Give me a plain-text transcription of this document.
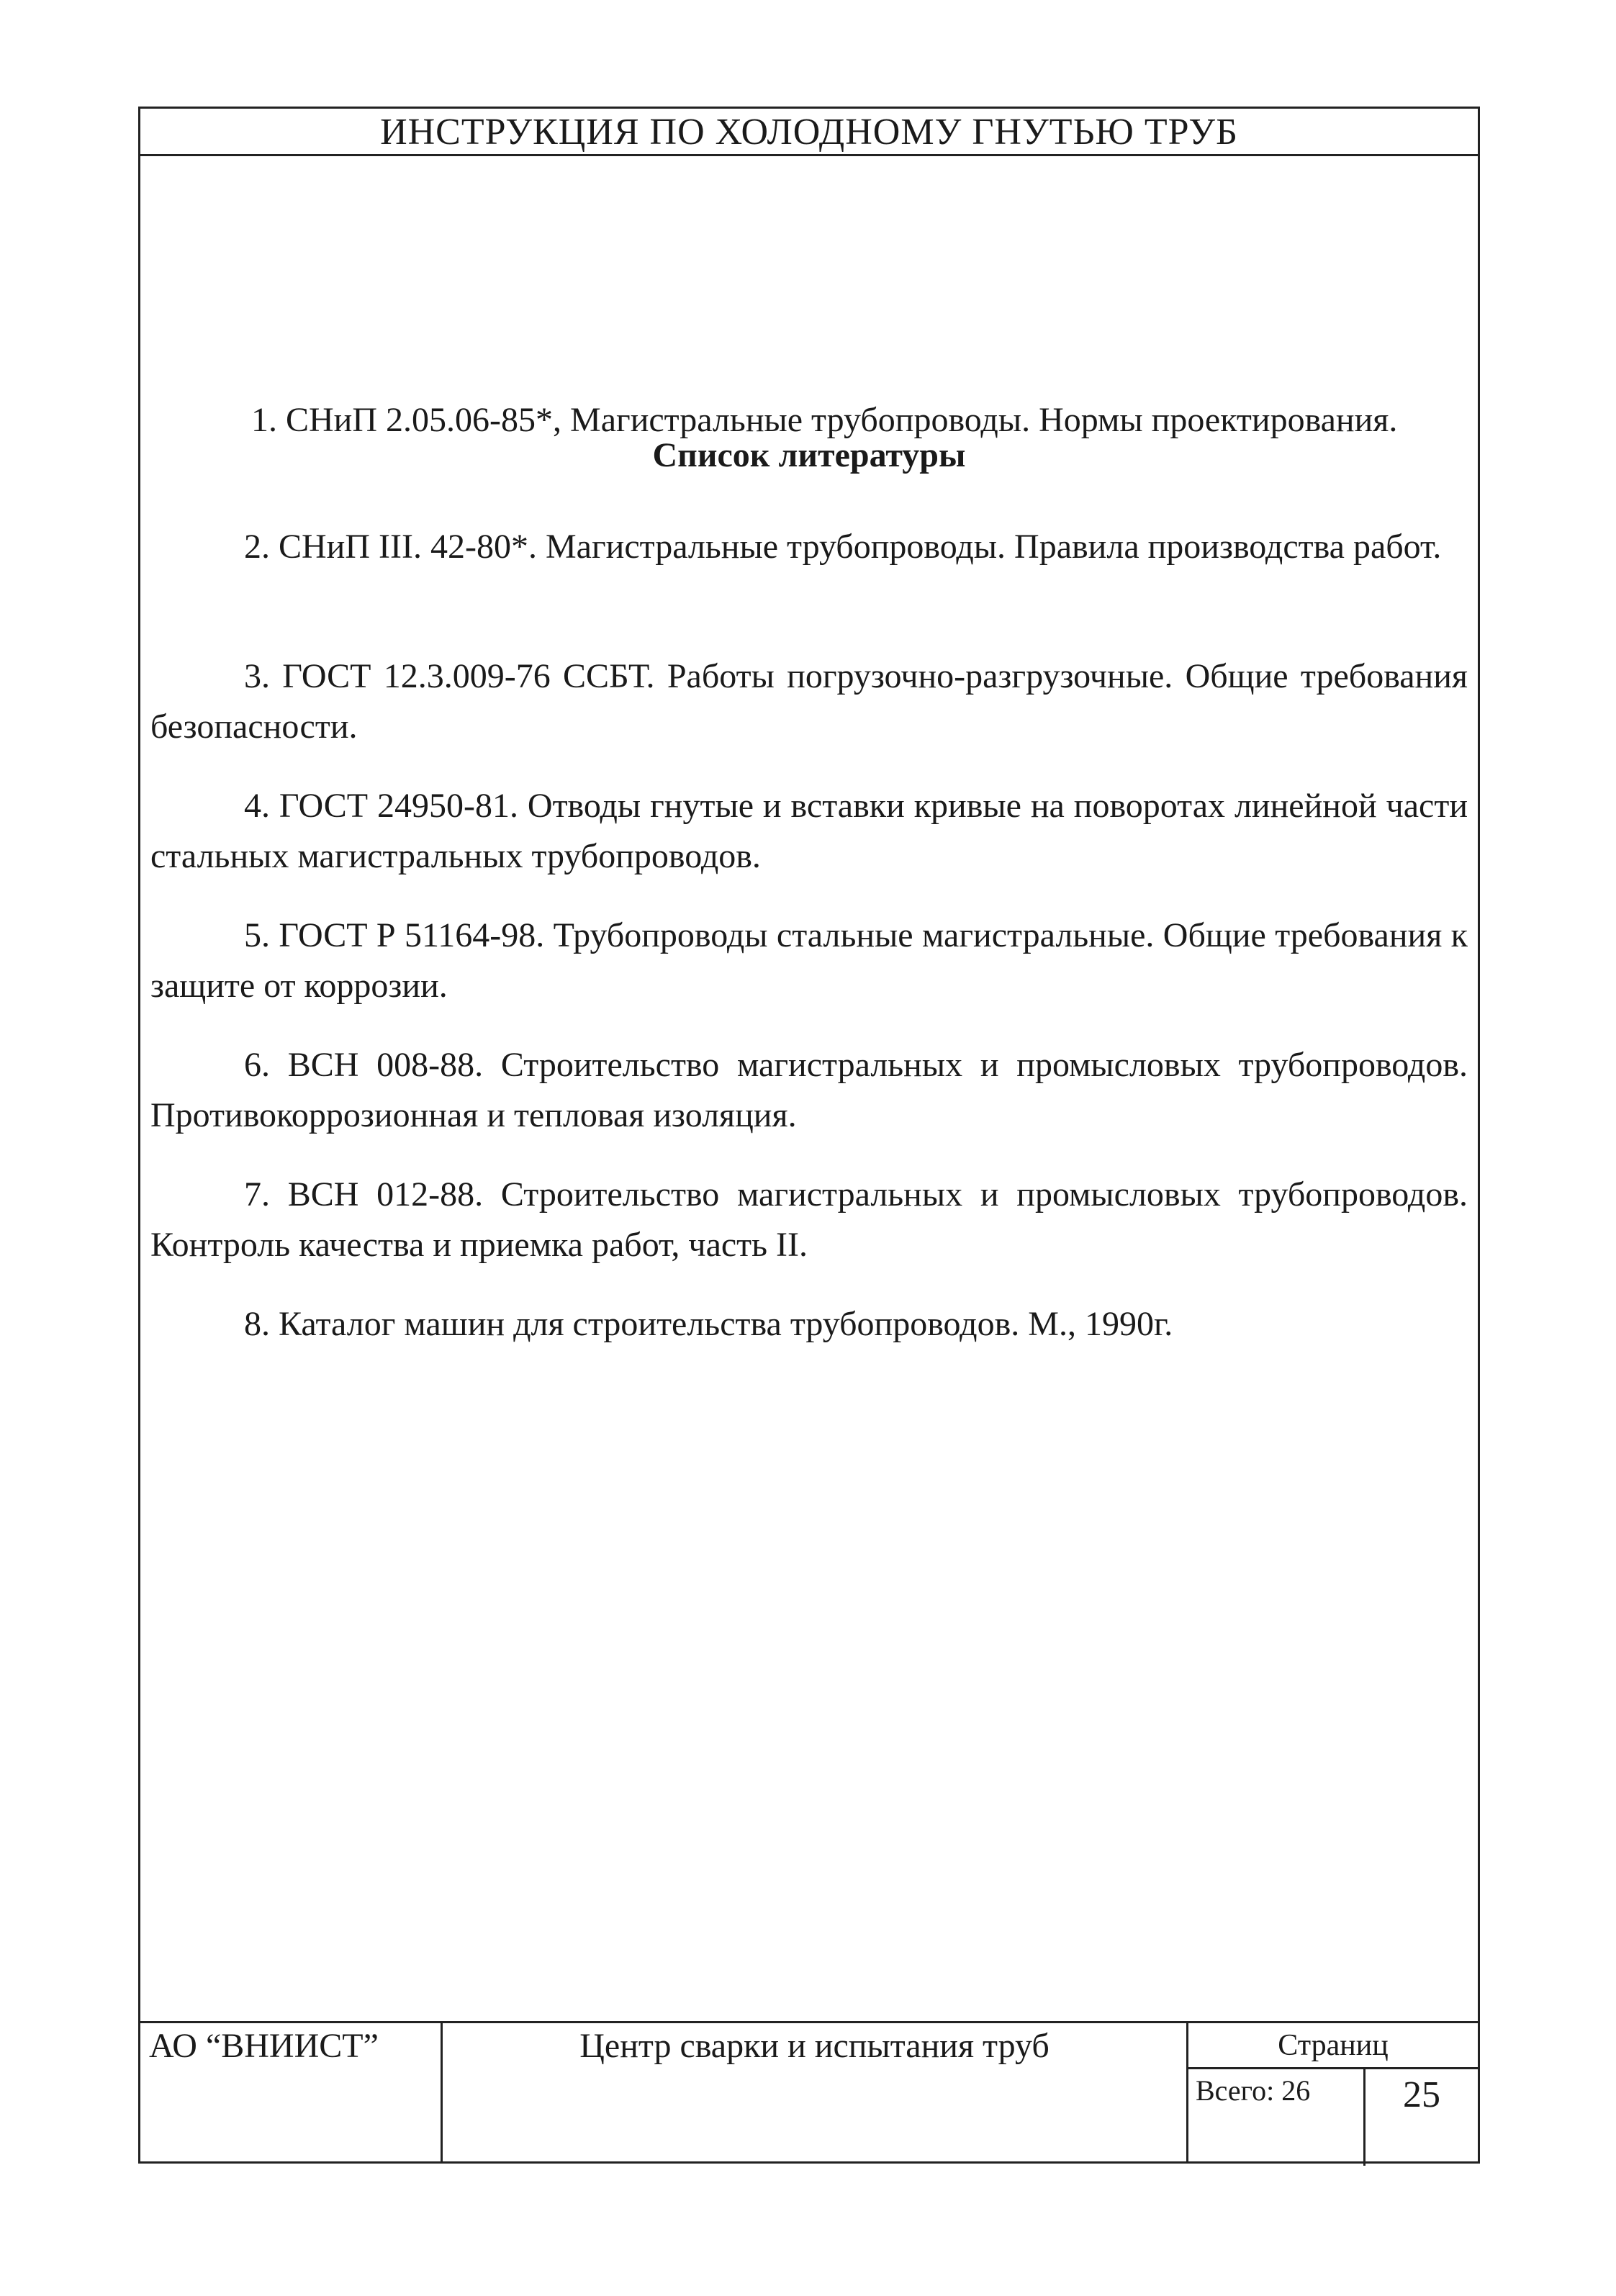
ИНСТРУКЦИЯ ПО ХОЛОДНОМУ ГНУТЬЮ ТРУБ
Список литературы
1. СНиП 2.05.06-85*, Магистральные трубопроводы. Нормы проектирования.
2. СНиП III. 42-80*. Магистральные трубопроводы. Правила производства работ.
3. ГОСТ 12.3.009-76 ССБТ. Работы погрузочно-разгрузочные. Общие требования безопасности.
4. ГОСТ 24950-81. Отводы гнутые и вставки кривые на поворотах линейной части стальных магистральных трубопроводов.
5. ГОСТ Р 51164-98. Трубопроводы стальные магистральные. Общие требования к защите от коррозии.
6. ВСН 008-88. Строительство магистральных и промысловых трубопроводов. Противокоррозионная и тепловая изоляция.
7. ВСН 012-88. Строительство магистральных и промысловых трубопроводов. Контроль качества и приемка работ, часть II.
8. Каталог машин для строительства трубопроводов. М., 1990г.
АО “ВНИИСТ”	Центр сварки и испытания труб	Страниц
Всего: 26	25
